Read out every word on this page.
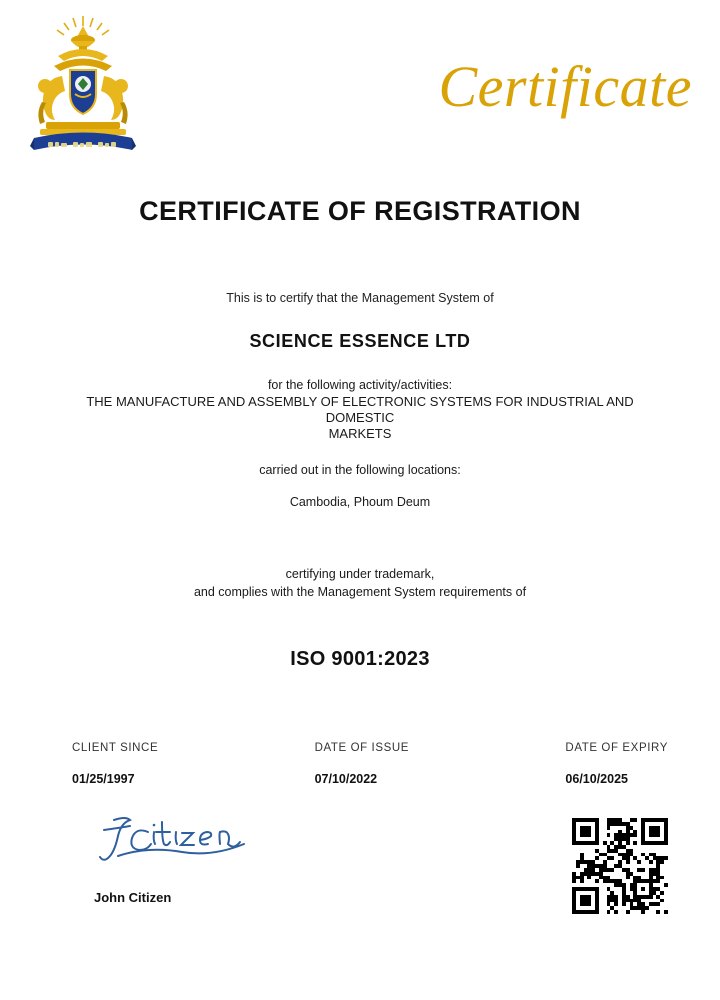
Certificate
CERTIFICATE OF REGISTRATION
This is to certify that the Management System of
SCIENCE ESSENCE LTD
for the following activity/activities:
THE MANUFACTURE AND ASSEMBLY OF ELECTRONIC SYSTEMS FOR INDUSTRIAL AND
DOMESTIC
MARKETS
carried out in the following locations:
Cambodia, Phoum Deum
certifying under trademark,
and complies with the Management System requirements of
ISO 9001:2023
CLIENT SINCE
01/25/1997
DATE OF ISSUE
07/10/2022
DATE OF EXPIRY
06/10/2025
John Citizen
